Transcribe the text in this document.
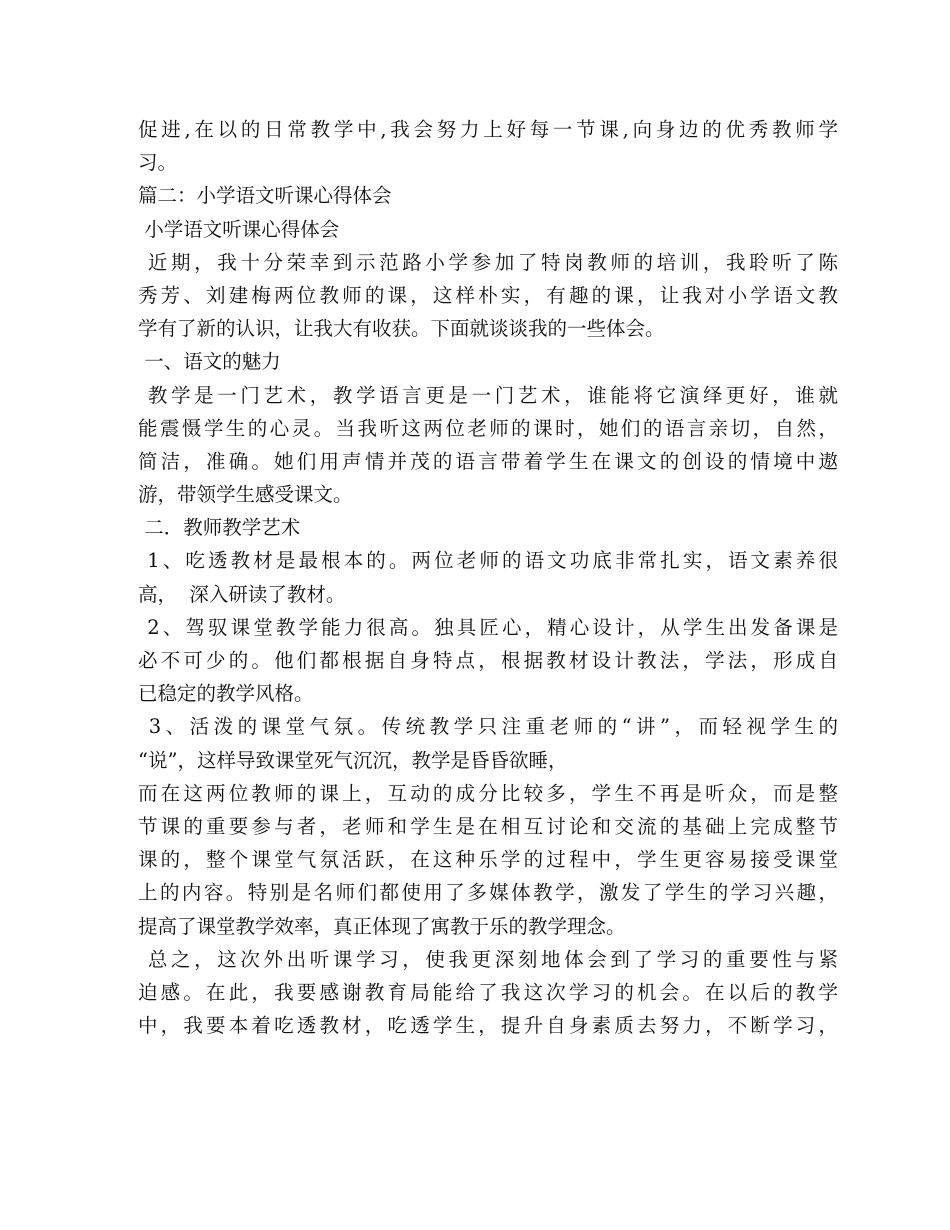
促进,在以的日常教学中,我会努力上好每一节课,向身边的优秀教师学
习。
篇二：小学语文听课心得体会
小学语文听课心得体会
近期，我十分荣幸到示范路小学参加了特岗教师的培训，我聆听了陈
秀芳、刘建梅两位教师的课，这样朴实，有趣的课，让我对小学语文教
学有了新的认识，让我大有收获。下面就谈谈我的一些体会。
一、语文的魅力
教学是一门艺术，教学语言更是一门艺术，谁能将它演绎更好，谁就
能震慑学生的心灵。当我听这两位老师的课时，她们的语言亲切，自然，
简洁，准确。她们用声情并茂的语言带着学生在课文的创设的情境中遨
游，带领学生感受课文。
二．教师教学艺术
1、吃透教材是最根本的。两位老师的语文功底非常扎实，语文素养很
高，  深入研读了教材。
2、驾驭课堂教学能力很高。独具匠心，精心设计，从学生出发备课是
必不可少的。他们都根据自身特点，根据教材设计教法，学法，形成自
已稳定的教学风格。
3、活泼的课堂气氛。传统教学只注重老师的“讲”，而轻视学生的
“说”，这样导致课堂死气沉沉，教学是昏昏欲睡，
而在这两位教师的课上，互动的成分比较多，学生不再是听众，而是整
节课的重要参与者，老师和学生是在相互讨论和交流的基础上完成整节
课的，整个课堂气氛活跃，在这种乐学的过程中，学生更容易接受课堂
上的内容。特别是名师们都使用了多媒体教学，激发了学生的学习兴趣，
提高了课堂教学效率，真正体现了寓教于乐的教学理念。
总之，这次外出听课学习，使我更深刻地体会到了学习的重要性与紧
迫感。在此，我要感谢教育局能给了我这次学习的机会。在以后的教学
中，我要本着吃透教材，吃透学生，提升自身素质去努力，不断学习，
